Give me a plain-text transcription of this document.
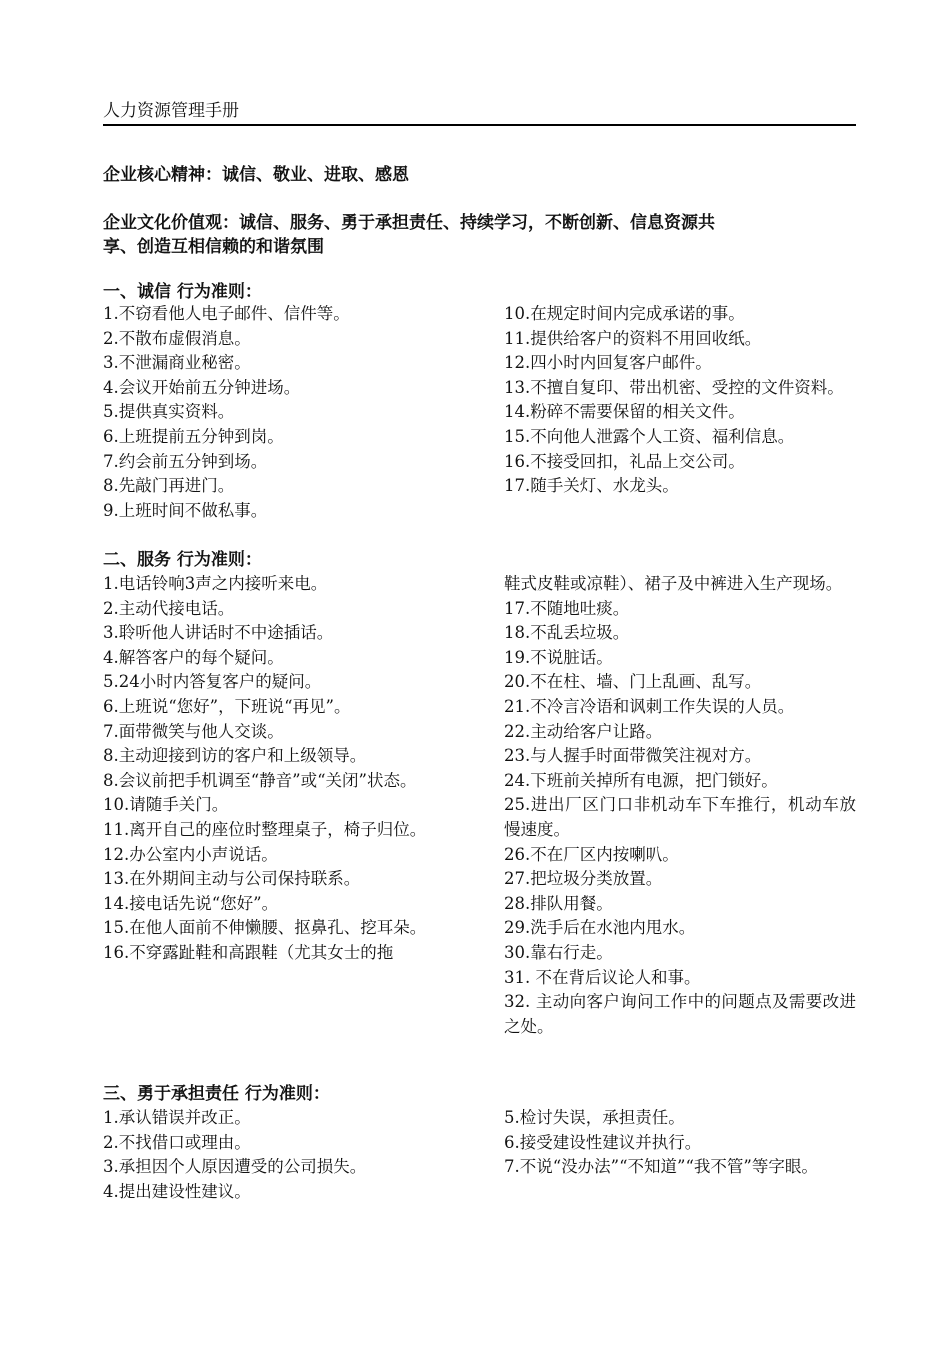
人力资源管理手册
企业核心精神：诚信、敬业、进取、感恩
企业文化价值观：诚信、服务、勇于承担责任、持续学习，不断创新、信息资源共
享、创造互相信赖的和谐氛围
一、诚信 行为准则：
1.不窃看他人电子邮件、信件等。
2.不散布虚假消息。
3.不泄漏商业秘密。
4.会议开始前五分钟进场。
5.提供真实资料。
6.上班提前五分钟到岗。
7.约会前五分钟到场。
8.先敲门再进门。
9.上班时间不做私事。
10.在规定时间内完成承诺的事。
11.提供给客户的资料不用回收纸。
12.四小时内回复客户邮件。
13.不擅自复印、带出机密、受控的文件资料。
14.粉碎不需要保留的相关文件。
15.不向他人泄露个人工资、福利信息。
16.不接受回扣，礼品上交公司。
17.随手关灯、水龙头。
二、服务 行为准则：
1.电话铃响3声之内接听来电。
2.主动代接电话。
3.聆听他人讲话时不中途插话。
4.解答客户的每个疑问。
5.24小时内答复客户的疑问。
6.上班说“您好”，下班说“再见”。
7.面带微笑与他人交谈。
8.主动迎接到访的客户和上级领导。
8.会议前把手机调至“静音”或“关闭”状态。
10.请随手关门。
11.离开自己的座位时整理桌子，椅子归位。
12.办公室内小声说话。
13.在外期间主动与公司保持联系。
14.接电话先说“您好”。
15.在他人面前不伸懒腰、抠鼻孔、挖耳朵。
16.不穿露趾鞋和高跟鞋（尤其女士的拖
鞋式皮鞋或凉鞋）、裙子及中裤进入生产现场。
17.不随地吐痰。
18.不乱丢垃圾。
19.不说脏话。
20.不在柱、墙、门上乱画、乱写。
21.不冷言冷语和讽刺工作失误的人员。
22.主动给客户让路。
23.与人握手时面带微笑注视对方。
24.下班前关掉所有电源，把门锁好。
25.进出厂区门口非机动车下车推行，机动车放慢速度。
26.不在厂区内按喇叭。
27.把垃圾分类放置。
28.排队用餐。
29.洗手后在水池内甩水。
30.靠右行走。
31. 不在背后议论人和事。
32. 主动向客户询问工作中的问题点及需要改进之处。
三、勇于承担责任 行为准则：
1.承认错误并改正。
2.不找借口或理由。
3.承担因个人原因遭受的公司损失。
4.提出建设性建议。
5.检讨失误，承担责任。
6.接受建设性建议并执行。
7.不说“没办法”“不知道”“我不管”等字眼。
